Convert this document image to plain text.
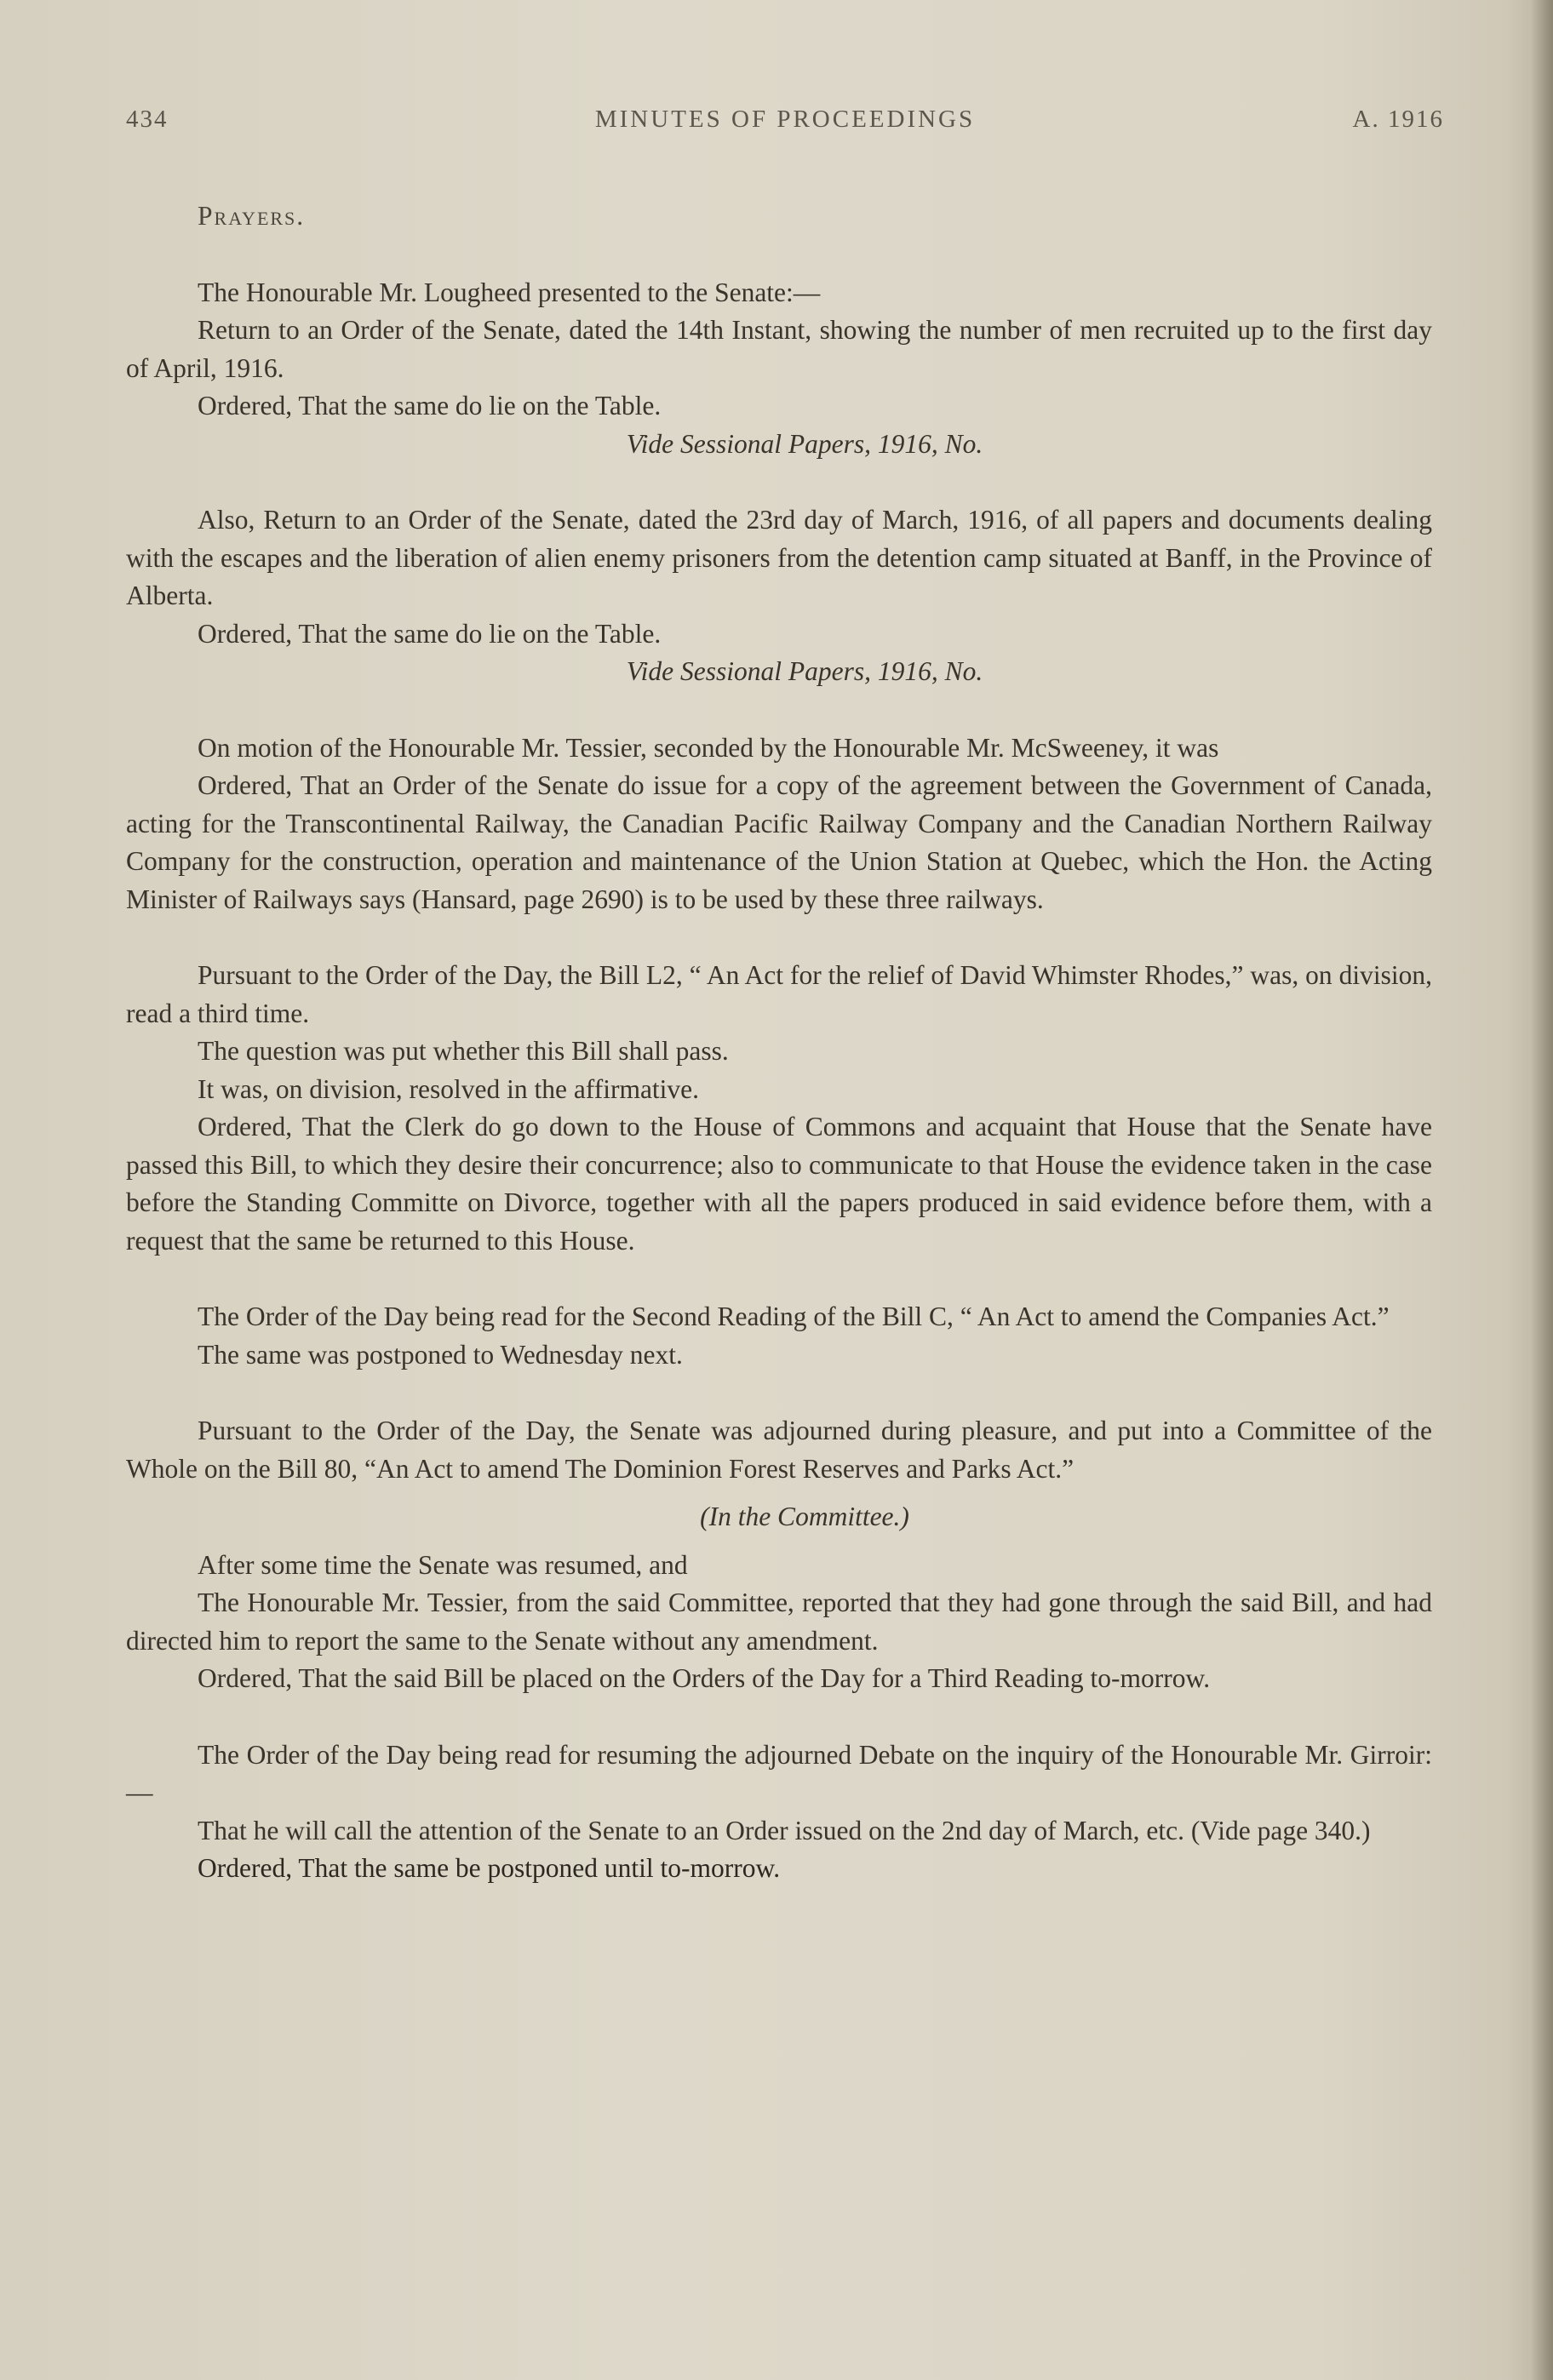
434	MINUTES OF PROCEEDINGS	A. 1916

Prayers.

The Honourable Mr. Lougheed presented to the Senate:—

Return to an Order of the Senate, dated the 14th Instant, showing the number of men recruited up to the first day of April, 1916.

Ordered, That the same do lie on the Table.

Vide Sessional Papers, 1916, No.

Also, Return to an Order of the Senate, dated the 23rd day of March, 1916, of all papers and documents dealing with the escapes and the liberation of alien enemy prisoners from the detention camp situated at Banff, in the Province of Alberta.

Ordered, That the same do lie on the Table.

Vide Sessional Papers, 1916, No.

On motion of the Honourable Mr. Tessier, seconded by the Honourable Mr. McSweeney, it was

Ordered, That an Order of the Senate do issue for a copy of the agreement between the Government of Canada, acting for the Transcontinental Railway, the Canadian Pacific Railway Company and the Canadian Northern Railway Company for the construction, operation and maintenance of the Union Station at Quebec, which the Hon. the Acting Minister of Railways says (Hansard, page 2690) is to be used by these three railways.

Pursuant to the Order of the Day, the Bill L2, “ An Act for the relief of David Whimster Rhodes,” was, on division, read a third time.

The question was put whether this Bill shall pass.

It was, on division, resolved in the affirmative.

Ordered, That the Clerk do go down to the House of Commons and acquaint that House that the Senate have passed this Bill, to which they desire their concurrence; also to communicate to that House the evidence taken in the case before the Standing Committe on Divorce, together with all the papers produced in said evidence before them, with a request that the same be returned to this House.

The Order of the Day being read for the Second Reading of the Bill C, “ An Act to amend the Companies Act.”

The same was postponed to Wednesday next.

Pursuant to the Order of the Day, the Senate was adjourned during pleasure, and put into a Committee of the Whole on the Bill 80, “An Act to amend The Dominion Forest Reserves and Parks Act.”

(In the Committee.)

After some time the Senate was resumed, and

The Honourable Mr. Tessier, from the said Committee, reported that they had gone through the said Bill, and had directed him to report the same to the Senate without any amendment.

Ordered, That the said Bill be placed on the Orders of the Day for a Third Reading to-morrow.

The Order of the Day being read for resuming the adjourned Debate on the inquiry of the Honourable Mr. Girroir:—

That he will call the attention of the Senate to an Order issued on the 2nd day of March, etc. (Vide page 340.)

Ordered, That the same be postponed until to-morrow.
